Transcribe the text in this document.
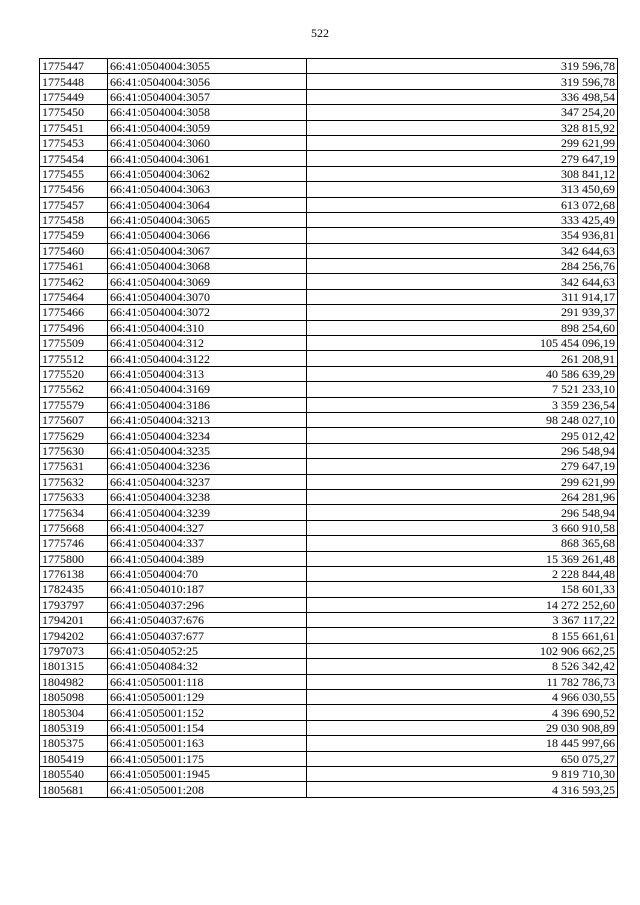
522
1775447	66:41:0504004:3055	319 596,78
1775448	66:41:0504004:3056	319 596,78
1775449	66:41:0504004:3057	336 498,54
1775450	66:41:0504004:3058	347 254,20
1775451	66:41:0504004:3059	328 815,92
1775453	66:41:0504004:3060	299 621,99
1775454	66:41:0504004:3061	279 647,19
1775455	66:41:0504004:3062	308 841,12
1775456	66:41:0504004:3063	313 450,69
1775457	66:41:0504004:3064	613 072,68
1775458	66:41:0504004:3065	333 425,49
1775459	66:41:0504004:3066	354 936,81
1775460	66:41:0504004:3067	342 644,63
1775461	66:41:0504004:3068	284 256,76
1775462	66:41:0504004:3069	342 644,63
1775464	66:41:0504004:3070	311 914,17
1775466	66:41:0504004:3072	291 939,37
1775496	66:41:0504004:310	898 254,60
1775509	66:41:0504004:312	105 454 096,19
1775512	66:41:0504004:3122	261 208,91
1775520	66:41:0504004:313	40 586 639,29
1775562	66:41:0504004:3169	7 521 233,10
1775579	66:41:0504004:3186	3 359 236,54
1775607	66:41:0504004:3213	98 248 027,10
1775629	66:41:0504004:3234	295 012,42
1775630	66:41:0504004:3235	296 548,94
1775631	66:41:0504004:3236	279 647,19
1775632	66:41:0504004:3237	299 621,99
1775633	66:41:0504004:3238	264 281,96
1775634	66:41:0504004:3239	296 548,94
1775668	66:41:0504004:327	3 660 910,58
1775746	66:41:0504004:337	868 365,68
1775800	66:41:0504004:389	15 369 261,48
1776138	66:41:0504004:70	2 228 844,48
1782435	66:41:0504010:187	158 601,33
1793797	66:41:0504037:296	14 272 252,60
1794201	66:41:0504037:676	3 367 117,22
1794202	66:41:0504037:677	8 155 661,61
1797073	66:41:0504052:25	102 906 662,25
1801315	66:41:0504084:32	8 526 342,42
1804982	66:41:0505001:118	11 782 786,73
1805098	66:41:0505001:129	4 966 030,55
1805304	66:41:0505001:152	4 396 690,52
1805319	66:41:0505001:154	29 030 908,89
1805375	66:41:0505001:163	18 445 997,66
1805419	66:41:0505001:175	650 075,27
1805540	66:41:0505001:1945	9 819 710,30
1805681	66:41:0505001:208	4 316 593,25
